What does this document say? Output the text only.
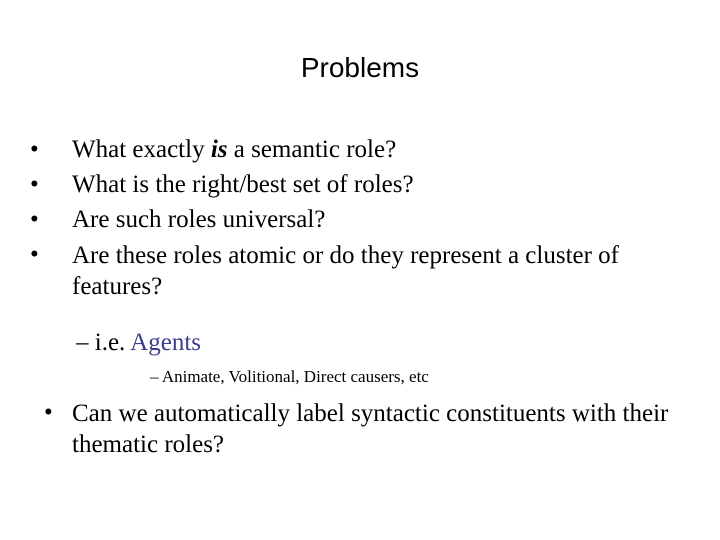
Problems
• What exactly is a semantic role?
• What is the right/best set of roles?
• Are such roles universal?
• Are these roles atomic or do they represent a cluster of features?
– i.e. Agents
– Animate, Volitional, Direct causers, etc
• Can we automatically label syntactic constituents with their thematic roles?
